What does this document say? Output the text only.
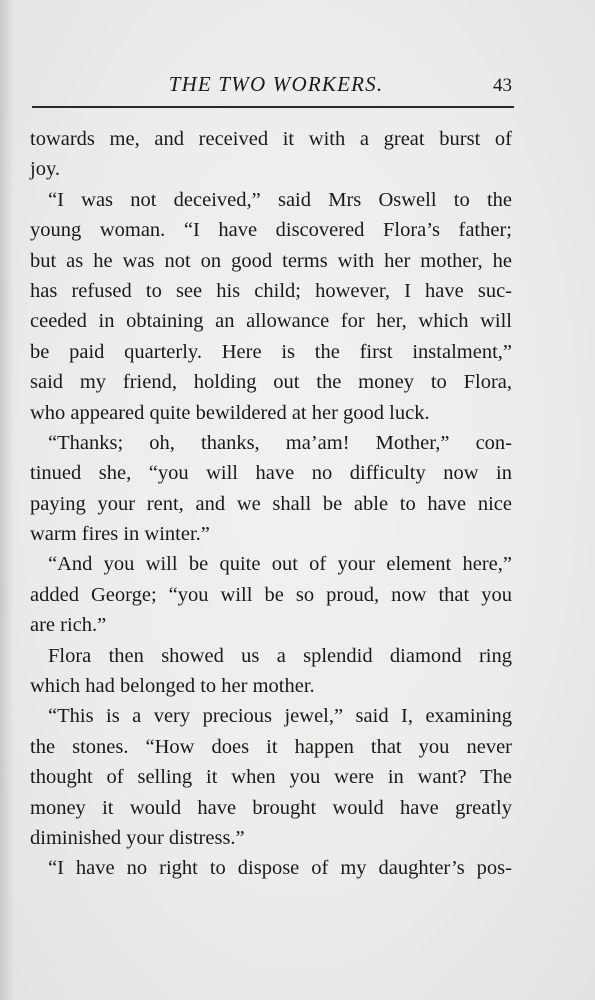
THE TWO WORKERS.	43
towards me, and received it with a great burst of
joy.
“I was not deceived,” said Mrs Oswell to the
young woman. “I have discovered Flora’s father;
but as he was not on good terms with her mother, he
has refused to see his child; however, I have suc-
ceeded in obtaining an allowance for her, which will
be paid quarterly. Here is the first instalment,”
said my friend, holding out the money to Flora,
who appeared quite bewildered at her good luck.
“Thanks; oh, thanks, ma’am! Mother,” con-
tinued she, “you will have no difficulty now in
paying your rent, and we shall be able to have nice
warm fires in winter.”
“And you will be quite out of your element here,”
added George; “you will be so proud, now that you
are rich.”
Flora then showed us a splendid diamond ring
which had belonged to her mother.
“This is a very precious jewel,” said I, examining
the stones. “How does it happen that you never
thought of selling it when you were in want? The
money it would have brought would have greatly
diminished your distress.”
“I have no right to dispose of my daughter’s pos-
